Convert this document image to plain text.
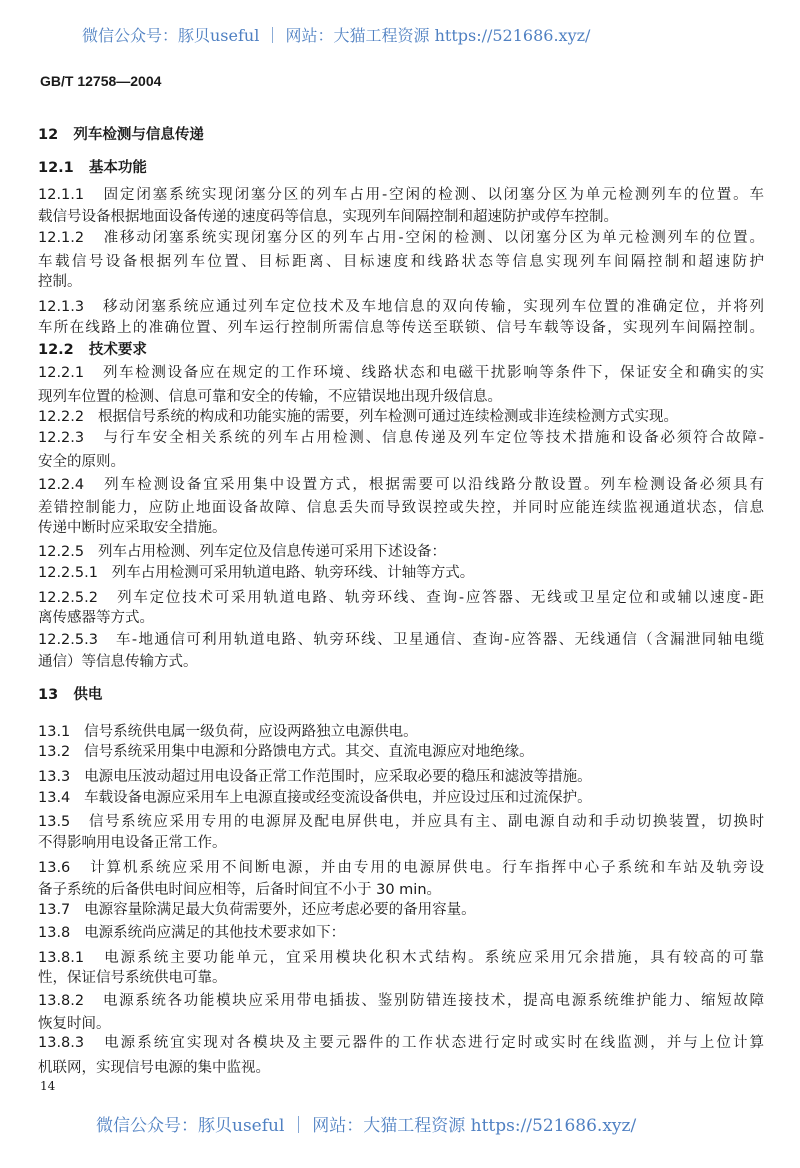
微信公众号：豚贝useful ｜ 网站：大猫工程资源 https://521686.xyz/
GB/T 12758—2004
12   列车检测与信息传递
12.1   基本功能
12.1.1   固定闭塞系统实现闭塞分区的列车占用-空闲的检测、以闭塞分区为单元检测列车的位置。车
载信号设备根据地面设备传递的速度码等信息，实现列车间隔控制和超速防护或停车控制。
12.1.2   准移动闭塞系统实现闭塞分区的列车占用-空闲的检测、以闭塞分区为单元检测列车的位置。
车载信号设备根据列车位置、目标距离、目标速度和线路状态等信息实现列车间隔控制和超速防护
控制。
12.1.3   移动闭塞系统应通过列车定位技术及车地信息的双向传输，实现列车位置的准确定位，并将列
车所在线路上的准确位置、列车运行控制所需信息等传送至联锁、信号车载等设备，实现列车间隔控制。
12.2   技术要求
12.2.1   列车检测设备应在规定的工作环境、线路状态和电磁干扰影响等条件下，保证安全和确实的实
现列车位置的检测、信息可靠和安全的传输，不应错误地出现升级信息。
12.2.2   根据信号系统的构成和功能实施的需要，列车检测可通过连续检测或非连续检测方式实现。
12.2.3   与行车安全相关系统的列车占用检测、信息传递及列车定位等技术措施和设备必须符合故障-
安全的原则。
12.2.4   列车检测设备宜采用集中设置方式，根据需要可以沿线路分散设置。列车检测设备必须具有
差错控制能力，应防止地面设备故障、信息丢失而导致误控或失控，并同时应能连续监视通道状态，信息
传递中断时应采取安全措施。
12.2.5   列车占用检测、列车定位及信息传递可采用下述设备：
12.2.5.1   列车占用检测可采用轨道电路、轨旁环线、计轴等方式。
12.2.5.2   列车定位技术可采用轨道电路、轨旁环线、查询-应答器、无线或卫星定位和或辅以速度-距
离传感器等方式。
12.2.5.3   车-地通信可利用轨道电路、轨旁环线、卫星通信、查询-应答器、无线通信（含漏泄同轴电缆
通信）等信息传输方式。
13   供电
13.1   信号系统供电属一级负荷，应设两路独立电源供电。
13.2   信号系统采用集中电源和分路馈电方式。其交、直流电源应对地绝缘。
13.3   电源电压波动超过用电设备正常工作范围时，应采取必要的稳压和滤波等措施。
13.4   车载设备电源应采用车上电源直接或经变流设备供电，并应设过压和过流保护。
13.5   信号系统应采用专用的电源屏及配电屏供电，并应具有主、副电源自动和手动切换装置，切换时
不得影响用电设备正常工作。
13.6   计算机系统应采用不间断电源，并由专用的电源屏供电。行车指挥中心子系统和车站及轨旁设
备子系统的后备供电时间应相等，后备时间宜不小于 30 min。
13.7   电源容量除满足最大负荷需要外，还应考虑必要的备用容量。
13.8   电源系统尚应满足的其他技术要求如下：
13.8.1   电源系统主要功能单元，宜采用模块化积木式结构。系统应采用冗余措施，具有较高的可靠
性，保证信号系统供电可靠。
13.8.2   电源系统各功能模块应采用带电插拔、鉴别防错连接技术，提高电源系统维护能力、缩短故障
恢复时间。
13.8.3   电源系统宜实现对各模块及主要元器件的工作状态进行定时或实时在线监测，并与上位计算
机联网，实现信号电源的集中监视。
14
微信公众号：豚贝useful ｜ 网站：大猫工程资源 https://521686.xyz/
